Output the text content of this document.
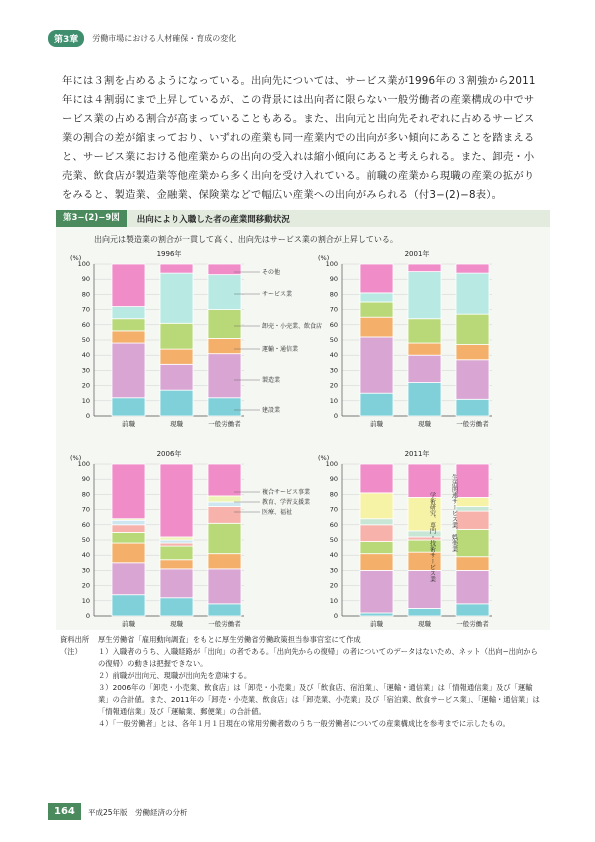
第3章	労働市場における人材確保・育成の変化
年には３割を占めるようになっている。出向先については、サービス業が1996年の３割強から2011年には４割弱にまで上昇しているが、この背景には出向者に限らない一般労働者の産業構成の中でサービス業の占める割合が高まっていることもある。また、出向元と出向先それぞれに占めるサービス業の割合の差が縮まっており、いずれの産業も同一産業内での出向が多い傾向にあることを踏まえると、サービス業における他産業からの出向の受入れは縮小傾向にあると考えられる。また、卸売・小売業、飲食店が製造業等他産業から多く出向を受け入れている。前職の産業から現職の産業の拡がりをみると、製造業、金融業、保険業などで幅広い産業への出向がみられる（付3−(2)−8表）。
第3−(2)−9図	出向により入職した者の産業間移動状況
出向元は製造業の割合が一貫して高く、出向先はサービス業の割合が上昇している。
1996年
(%)
0
10
20
30
40
50
60
70
80
90
100
前職	現職	一般労働者
その他
サービス業
卸売・小売業、飲食店
運輸・通信業
製造業
建設業
2001年
(%)
0
10
20
30
40
50
60
70
80
90
100
前職	現職	一般労働者
2006年
(%)
0
10
20
30
40
50
60
70
80
90
100
前職	現職	一般労働者
複合サービス事業
教育、学習支援業
医療、福祉
2011年
(%)
0
10
20
30
40
50
60
70
80
90
100
前職	現職	一般労働者
学術研究、専門・技術サービス業	生活関連サービス業、娯楽業
資料出所	厚生労働省「雇用動向調査」をもとに厚生労働省労働政策担当参事官室にて作成
（注）	１）入職者のうち、入職経路が「出向」の者である。「出向先からの復帰」の者についてのデータはないため、ネット（出向−出向からの復帰）の動きは把握できない。
２）前職が出向元、現職が出向先を意味する。
３）2006年の「卸売・小売業、飲食店」は「卸売・小売業」及び「飲食店、宿泊業」、「運輸・通信業」は「情報通信業」及び「運輸業」の合計値。また、2011年の「卸売・小売業、飲食店」は「卸売業、小売業」及び「宿泊業、飲食サービス業」、「運輸・通信業」は「情報通信業」及び「運輸業、郵便業」の合計値。
４）「一般労働者」とは、各年１月１日現在の常用労働者数のうち一般労働者についての産業構成比を参考までに示したもの。
164	平成25年版　労働経済の分析
